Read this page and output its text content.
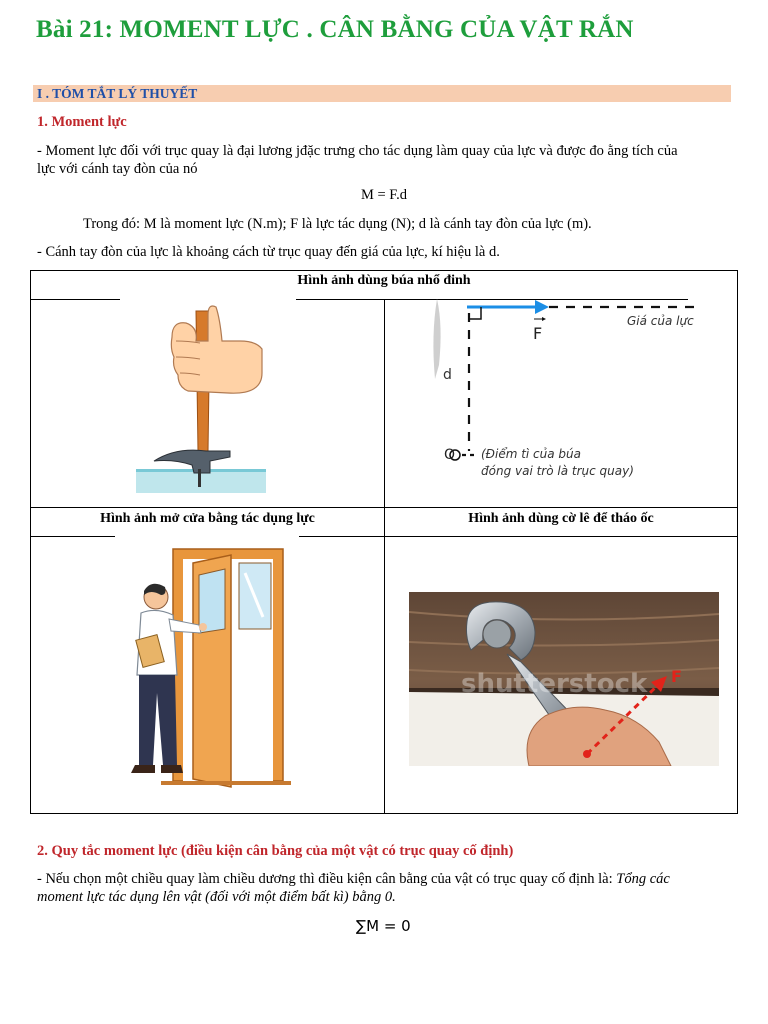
Bài 21: MOMENT LỰC . CÂN BẰNG CỦA VẬT RẮN
I . TÓM TẮT LÝ THUYẾT
1. Moment lực
- Moment lực đối với trục quay là đại lương jđặc trưng cho tác dụng làm quay của lực và được đo ằng tích của
lực với cánh tay đòn của nó
M = F.d
Trong đó: M là moment lực (N.m); F là lực tác dụng (N); d là cánh tay đòn của lực (m).
- Cánh tay đòn của lực là khoảng cách từ trục quay đến giá của lực, kí hiệu là d.
Hình ảnh dùng búa nhổ đinh
Hình ảnh mở cửa bằng tác dụng lực	Hình ảnh dùng cờ lê để tháo ốc
F
Giá của lực
d
(Điểm tì của búa
đóng vai trò là trục quay)
shutterstock F
2. Quy tắc moment lực (điều kiện cân bằng của một vật có trục quay cố định)
- Nếu chọn một chiều quay làm chiều dương thì điều kiện cân bằng của vật có trục quay cố định là: Tổng các
moment lực tác dụng lên vật (đối với một điểm bất kì) bằng 0.
∑M = 0
O
